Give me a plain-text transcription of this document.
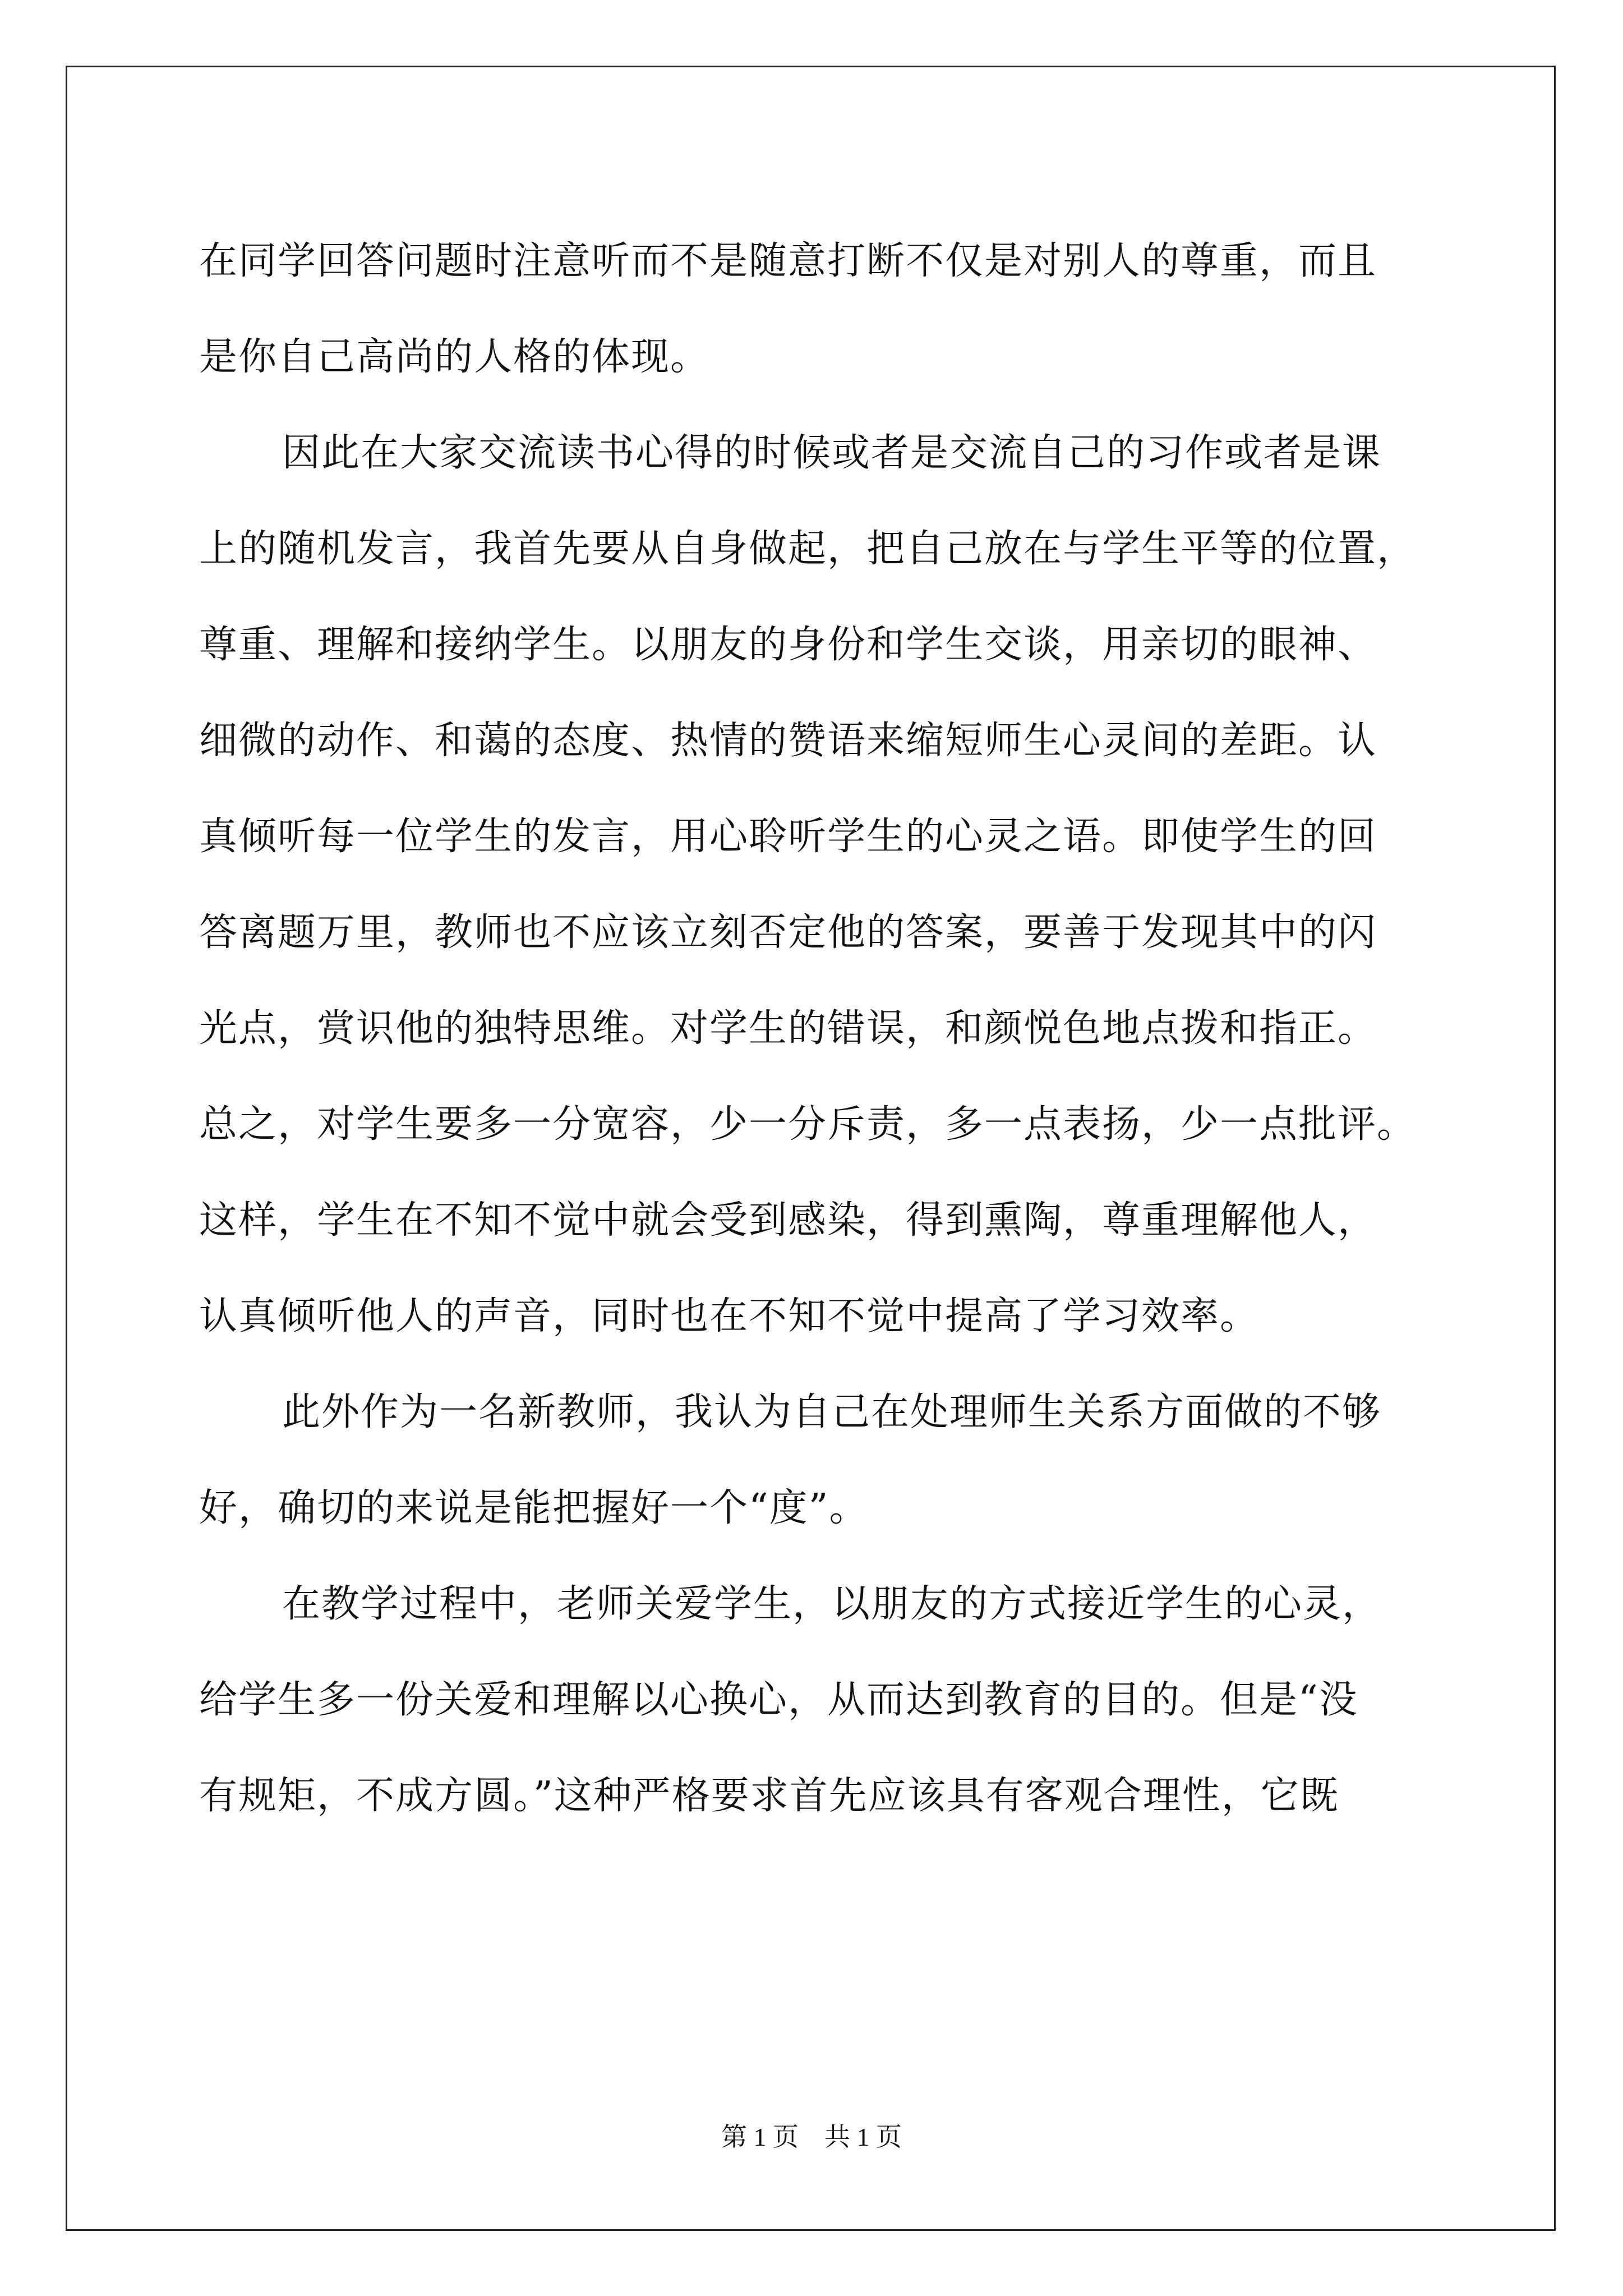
在同学回答问题时注意听而不是随意打断不仅是对别人的尊重，而且
是你自己高尚的人格的体现。
因此在大家交流读书心得的时候或者是交流自己的习作或者是课
上的随机发言，我首先要从自身做起，把自己放在与学生平等的位置，
尊重、理解和接纳学生。以朋友的身份和学生交谈，用亲切的眼神、
细微的动作、和蔼的态度、热情的赞语来缩短师生心灵间的差距。认
真倾听每一位学生的发言，用心聆听学生的心灵之语。即使学生的回
答离题万里，教师也不应该立刻否定他的答案，要善于发现其中的闪
光点，赏识他的独特思维。对学生的错误，和颜悦色地点拨和指正。
总之，对学生要多一分宽容，少一分斥责，多一点表扬，少一点批评。
这样，学生在不知不觉中就会受到感染，得到熏陶，尊重理解他人，
认真倾听他人的声音，同时也在不知不觉中提高了学习效率。
此外作为一名新教师，我认为自己在处理师生关系方面做的不够
好，确切的来说是能把握好一个“度”。
在教学过程中，老师关爱学生，以朋友的方式接近学生的心灵，
给学生多一份关爱和理解以心换心，从而达到教育的目的。但是“没
有规矩，不成方圆。”这种严格要求首先应该具有客观合理性，它既
第 1 页    共 1 页
